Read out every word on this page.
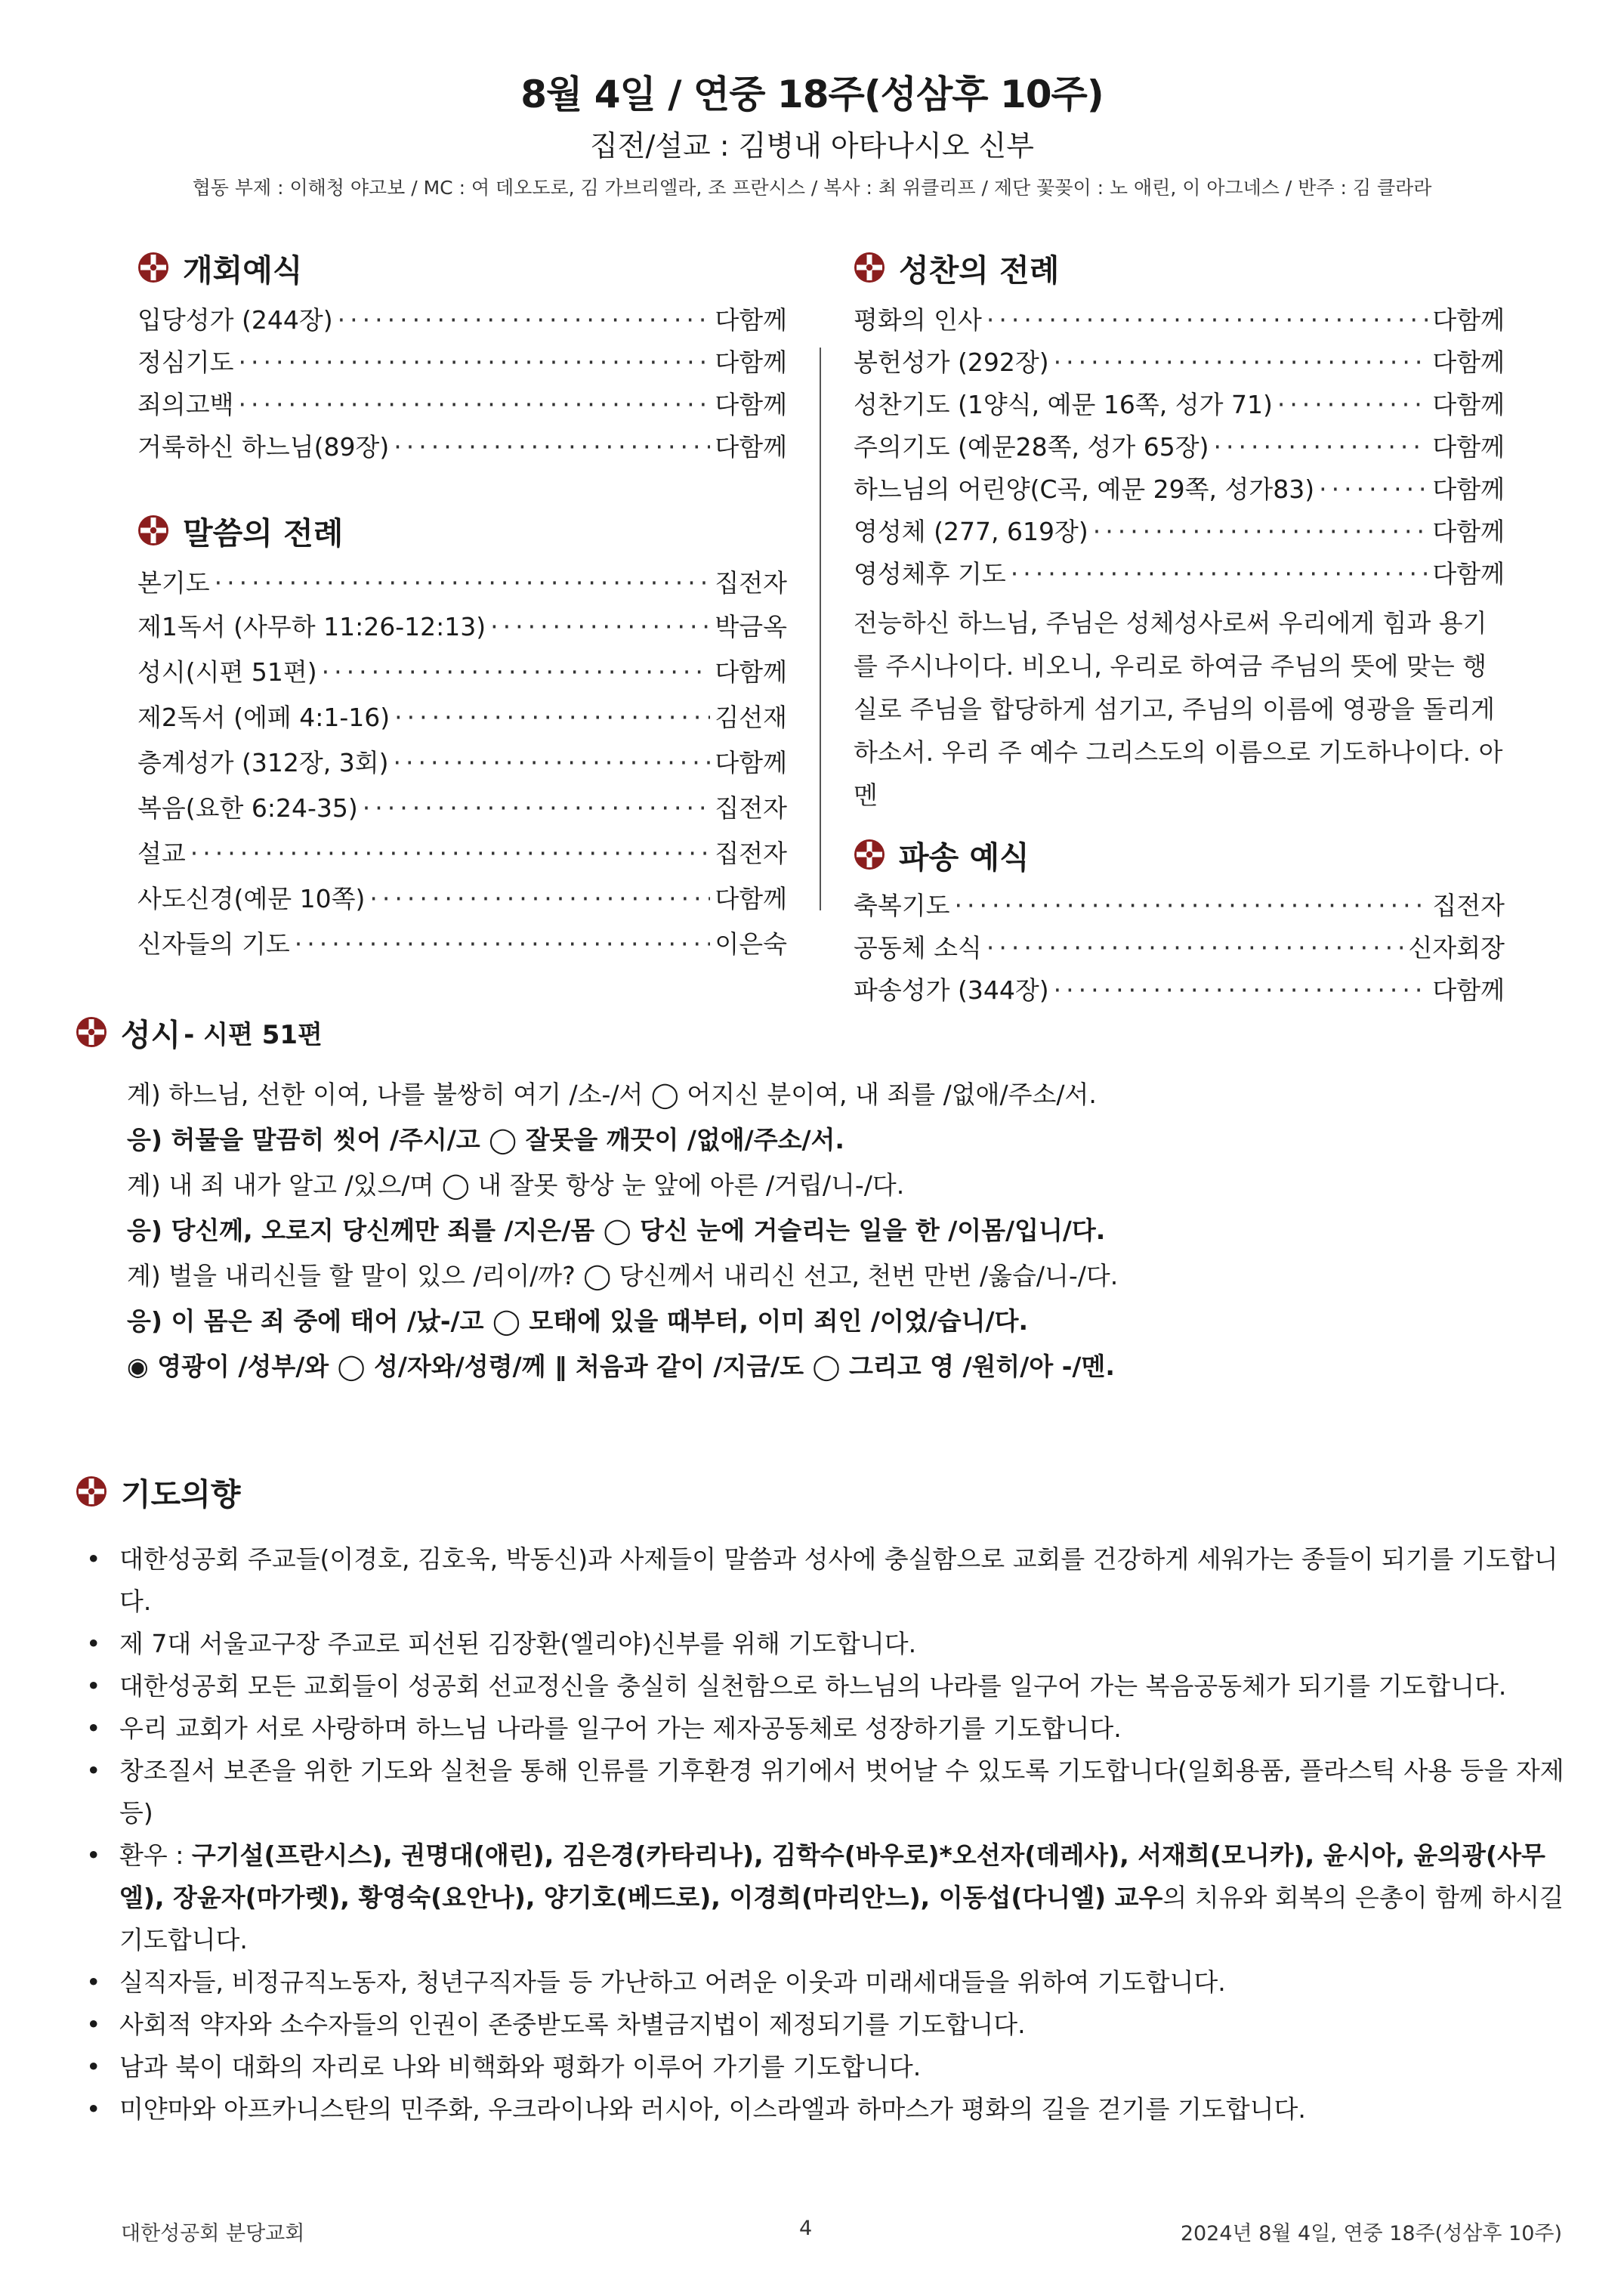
8월 4일 / 연중 18주(성삼후 10주)
집전/설교 : 김병내 아타나시오 신부
협동 부제 : 이해청 야고보 / MC : 여 데오도로, 김 가브리엘라, 조 프란시스 / 복사 : 최 위클리프 / 제단 꽃꽂이 : 노 애린, 이 아그네스 / 반주 : 김 클라라
개회예식
입당성가 (244장) ·····	다함께
정심기도 ·····	다함께
죄의고백 ·····	다함께
거룩하신 하느님(89장) ·····	다함께
말씀의 전례
본기도 ·····	집전자
제1독서 (사무하 11:26-12:13) ·····	박금옥
성시(시편 51편) ·····	다함께
제2독서 (에페 4:1-16) ·····	김선재
층계성가 (312장, 3회) ·····	다함께
복음(요한 6:24-35) ·····	집전자
설교 ·····	집전자
사도신경(예문 10쪽) ·····	다함께
신자들의 기도 ·····	이은숙
성찬의 전례
평화의 인사 ·····	다함께
봉헌성가 (292장) ·····	다함께
성찬기도 (1양식, 예문 16쪽, 성가 71) ·····	다함께
주의기도 (예문28쪽, 성가 65장) ·····	다함께
하느님의 어린양(C곡, 예문 29쪽, 성가83) ·····	다함께
영성체 (277, 619장) ·····	다함께
영성체후 기도 ·····	다함께
전능하신 하느님, 주님은 성체성사로써 우리에게 힘과 용기를 주시나이다. 비오니, 우리로 하여금 주님의 뜻에 맞는 행실로 주님을 합당하게 섬기고, 주님의 이름에 영광을 돌리게 하소서. 우리 주 예수 그리스도의 이름으로 기도하나이다. 아멘
파송 예식
축복기도 ·····	집전자
공동체 소식 ·····	신자회장
파송성가 (344장) ·····	다함께
성시 - 시편 51편
계) 하느님, 선한 이여, 나를 불쌍히 여기 /소-/서 ◯ 어지신 분이여, 내 죄를 /없애/주소/서.
응) 허물을 말끔히 씻어 /주시/고 ◯ 잘못을 깨끗이 /없애/주소/서.
계) 내 죄 내가 알고 /있으/며 ◯ 내 잘못 항상 눈 앞에 아른 /거립/니-/다.
응) 당신께, 오로지 당신께만 죄를 /지은/몸 ◯ 당신 눈에 거슬리는 일을 한 /이몸/입니/다.
계) 벌을 내리신들 할 말이 있으 /리이/까? ◯ 당신께서 내리신 선고, 천번 만번 /옳습/니-/다.
응) 이 몸은 죄 중에 태어 /났-/고 ◯ 모태에 있을 때부터, 이미 죄인 /이었/습니/다.
◉ 영광이 /성부/와 ◯ 성/자와/성령/께 ‖ 처음과 같이 /지금/도 ◯ 그리고 영 /원히/아 -/멘.
기도의향
• 대한성공회 주교들(이경호, 김호욱, 박동신)과 사제들이 말씀과 성사에 충실함으로 교회를 건강하게 세워가는 종들이 되기를 기도합니다.
• 제 7대 서울교구장 주교로 피선된 김장환(엘리야)신부를 위해 기도합니다.
• 대한성공회 모든 교회들이 성공회 선교정신을 충실히 실천함으로 하느님의 나라를 일구어 가는 복음공동체가 되기를 기도합니다.
• 우리 교회가 서로 사랑하며 하느님 나라를 일구어 가는 제자공동체로 성장하기를 기도합니다.
• 창조질서 보존을 위한 기도와 실천을 통해 인류를 기후환경 위기에서 벗어날 수 있도록 기도합니다(일회용품, 플라스틱 사용 등을 자제 등)
• 환우 : 구기설(프란시스), 권명대(애린), 김은경(카타리나), 김학수(바우로)*오선자(데레사), 서재희(모니카), 윤시아, 윤의광(사무엘), 장윤자(마가렛), 황영숙(요안나), 양기호(베드로), 이경희(마리안느), 이동섭(다니엘) 교우의 치유와 회복의 은총이 함께 하시길 기도합니다.
• 실직자들, 비정규직노동자, 청년구직자들 등 가난하고 어려운 이웃과 미래세대들을 위하여 기도합니다.
• 사회적 약자와 소수자들의 인권이 존중받도록 차별금지법이 제정되기를 기도합니다.
• 남과 북이 대화의 자리로 나와 비핵화와 평화가 이루어 가기를 기도합니다.
• 미얀마와 아프카니스탄의 민주화, 우크라이나와 러시아, 이스라엘과 하마스가 평화의 길을 걷기를 기도합니다.
대한성공회 분당교회	4	2024년 8월 4일, 연중 18주(성삼후 10주)
